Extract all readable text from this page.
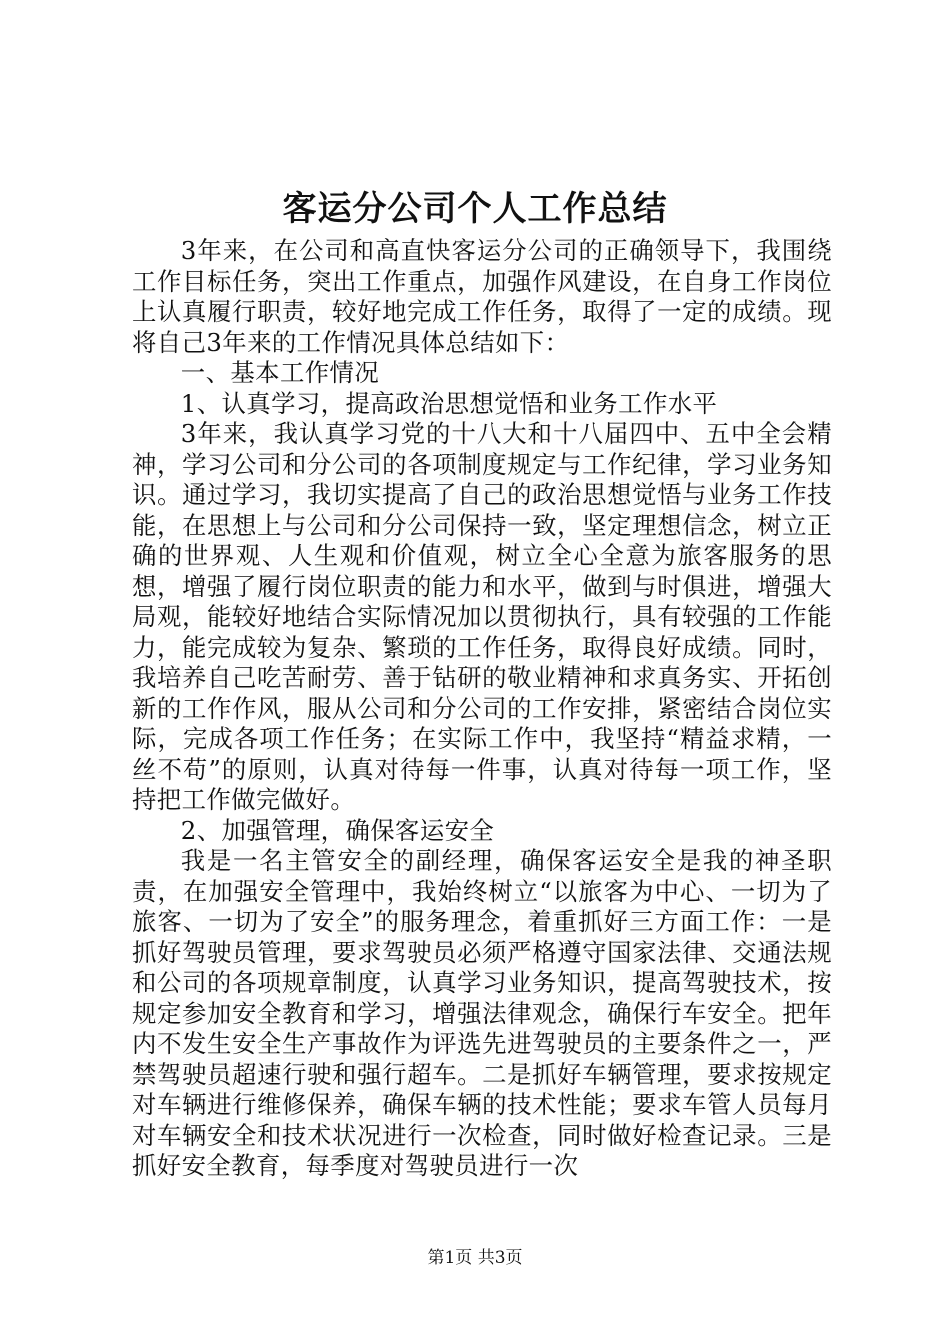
客运分公司个人工作总结

3年来，在公司和高直快客运分公司的正确领导下，我围绕工作目标任务，突出工作重点，加强作风建设，在自身工作岗位上认真履行职责，较好地完成工作任务，取得了一定的成绩。现将自己3年来的工作情况具体总结如下：

一、基本工作情况

1、认真学习，提高政治思想觉悟和业务工作水平

3年来，我认真学习党的十八大和十八届四中、五中全会精神，学习公司和分公司的各项制度规定与工作纪律，学习业务知识。通过学习，我切实提高了自己的政治思想觉悟与业务工作技能，在思想上与公司和分公司保持一致，坚定理想信念，树立正确的世界观、人生观和价值观，树立全心全意为旅客服务的思想，增强了履行岗位职责的能力和水平，做到与时俱进，增强大局观，能较好地结合实际情况加以贯彻执行，具有较强的工作能力，能完成较为复杂、繁琐的工作任务，取得良好成绩。同时，我培养自己吃苦耐劳、善于钻研的敬业精神和求真务实、开拓创新的工作作风，服从公司和分公司的工作安排，紧密结合岗位实际，完成各项工作任务；在实际工作中，我坚持“精益求精，一丝不苟”的原则，认真对待每一件事，认真对待每一项工作，坚持把工作做完做好。

2、加强管理，确保客运安全

我是一名主管安全的副经理，确保客运安全是我的神圣职责，在加强安全管理中，我始终树立“以旅客为中心、一切为了旅客、一切为了安全”的服务理念，着重抓好三方面工作：一是抓好驾驶员管理，要求驾驶员必须严格遵守国家法律、交通法规和公司的各项规章制度，认真学习业务知识，提高驾驶技术，按规定参加安全教育和学习，增强法律观念，确保行车安全。把年内不发生安全生产事故作为评选先进驾驶员的主要条件之一，严禁驾驶员超速行驶和强行超车。二是抓好车辆管理，要求按规定对车辆进行维修保养，确保车辆的技术性能；要求车管人员每月对车辆安全和技术状况进行一次检查，同时做好检查记录。三是抓好安全教育，每季度对驾驶员进行一次

第1页 共3页
